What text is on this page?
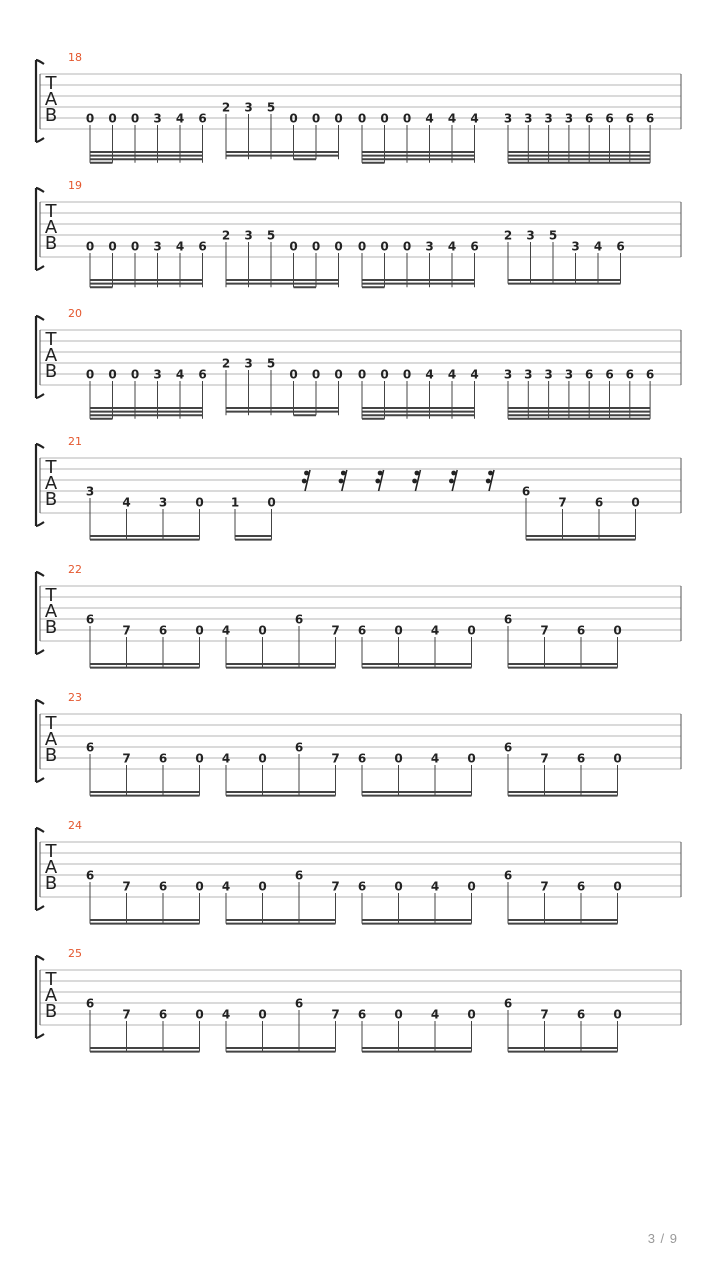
18
T
A
B 0 0 0 3 4 6
2 3 5
0 0 0 0 0 0 4 4 4 3 3 3 3 6 6 6 6
19
T
A
B 0 0 0 3 4 6
2 3 5
0 0 0 0 0 0 3 4 6
2 3 5
3 4 6
20
T
A
B 0 0 0 3 4 6
2 3 5
0 0 0 0 0 0 4 4 4 3 3 3 3 6 6 6 6
21
T
A
B 3
4 3 0 1 0
6
7 6 0
22
T
A
B 6
7 6 0 4 0
6
7 6 0 4 0
6
7 6 0
23
T
A
B 6
7 6 0 4 0
6
7 6 0 4 0
6
7 6 0
24
T
A
B 6
7 6 0 4 0
6
7 6 0 4 0
6
7 6 0
25
T
A
B 6
7 6 0 4 0
6
7 6 0 4 0
6
7 6 0
3 / 9
